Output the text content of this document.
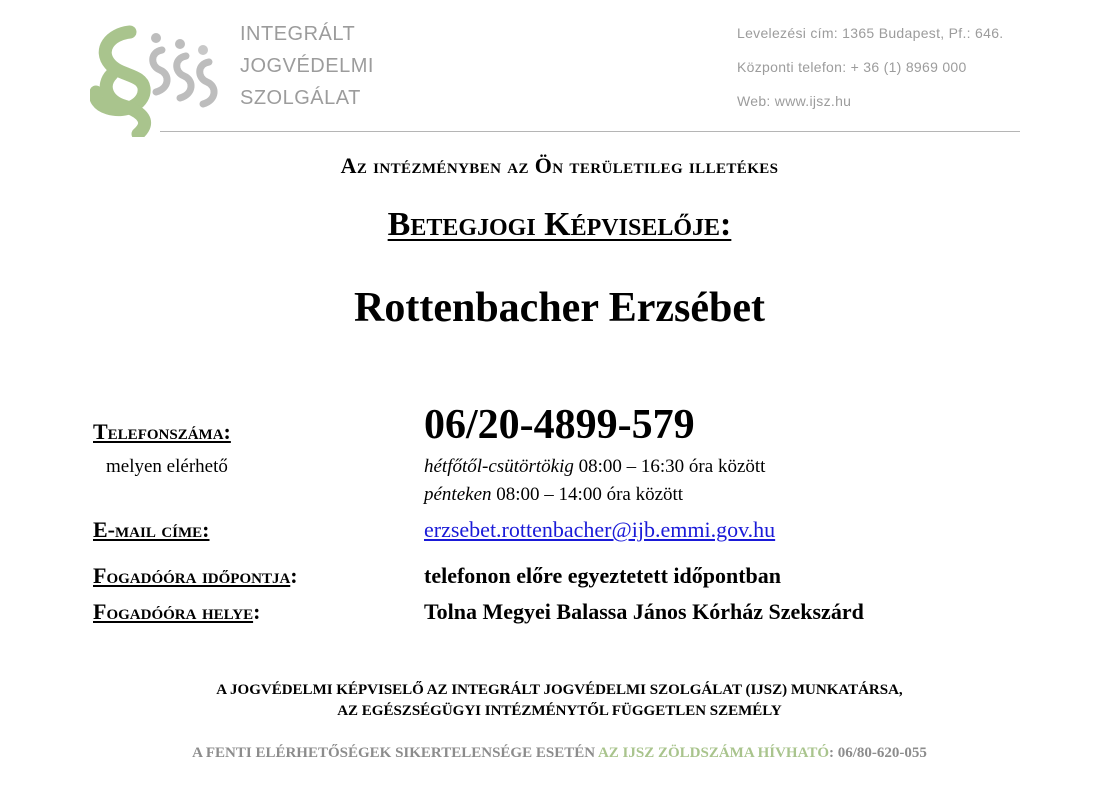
INTEGRÁLT
JOGVÉDELMI
SZOLGÁLAT
Levelezési cím: 1365 Budapest, Pf.: 646.
Központi telefon: + 36 (1) 8969 000
Web: www.ijsz.hu
Az intézményben az Ön területileg illetékes
Betegjogi Képviselője:
Rottenbacher Erzsébet
Telefonszáma:	06/20-4899-579
melyen elérhető	hétfőtől-csütörtökig 08:00 – 16:30 óra között
pénteken 08:00 – 14:00 óra között
E-mail címe:	erzsebet.rottenbacher@ijb.emmi.gov.hu
Fogadóóra időpontja:	telefonon előre egyeztetett időpontban
Fogadóóra helye:	Tolna Megyei Balassa János Kórház Szekszárd
A JOGVÉDELMI KÉPVISELŐ AZ INTEGRÁLT JOGVÉDELMI SZOLGÁLAT (IJSZ) MUNKATÁRSA,
AZ EGÉSZSÉGÜGYI INTÉZMÉNYTŐL FÜGGETLEN SZEMÉLY
A FENTI ELÉRHETŐSÉGEK SIKERTELENSÉGE ESETÉN AZ IJSZ ZÖLDSZÁMA HÍVHATÓ: 06/80-620-055
